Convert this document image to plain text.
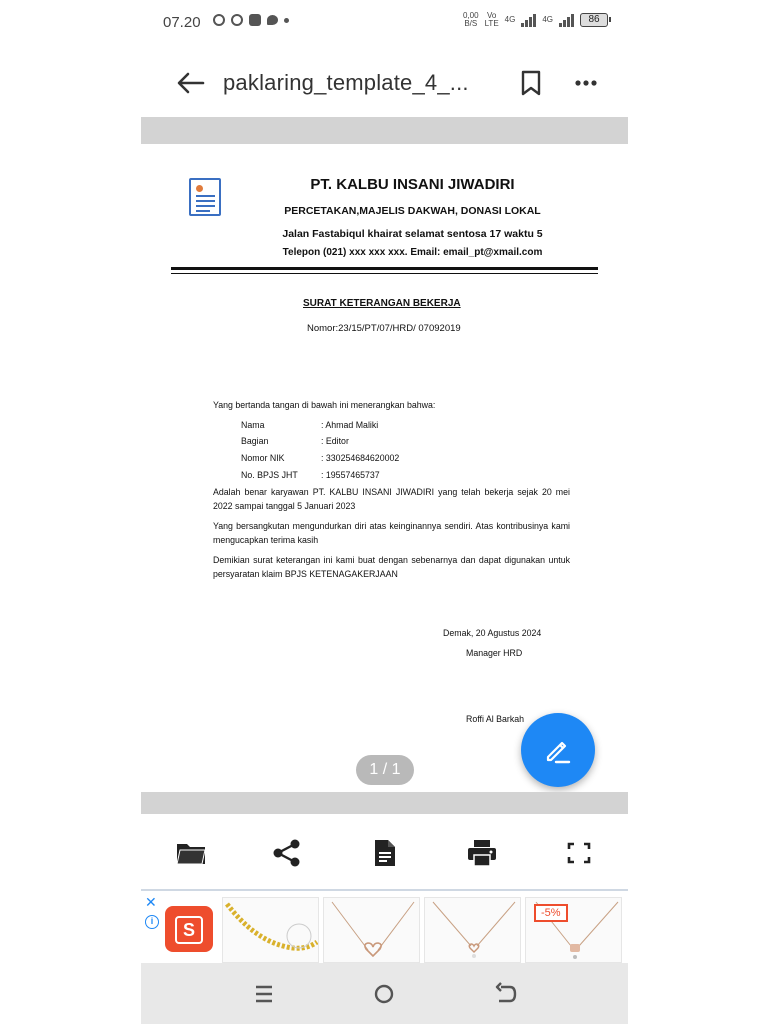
07.20	0,00
B/S
Vo
LTE 4G	4G	86
paklaring_template_4_...
PT. KALBU INSANI JIWADIRI
PERCETAKAN,MAJELIS DAKWAH, DONASI LOKAL
Jalan Fastabiqul khairat selamat sentosa 17 waktu 5
Telepon (021) xxx xxx xxx. Email: email_pt@xmail.com
SURAT KETERANGAN BEKERJA
Nomor:23/15/PT/07/HRD/ 07092019
Yang bertanda tangan di bawah ini menerangkan bahwa:
Nama	: Ahmad Maliki
Bagian	: Editor
Nomor NIK	: 330254684620002
No. BPJS JHT	: 19557465737
Adalah benar karyawan PT. KALBU INSANI JIWADIRI yang telah bekerja sejak 20 mei 2022 sampai tanggal 5 Januari 2023
Yang bersangkutan mengundurkan diri atas keinginannya sendiri. Atas kontribusinya kami mengucapkan terima kasih
Demikian surat keterangan ini kami buat dengan sebenarnya dan dapat digunakan untuk persyaratan klaim BPJS KETENAGAKERJAAN
Demak, 20 Agustus 2024
Manager HRD
Roffi Al Barkah
1 / 1
✕
i	S
-5%
